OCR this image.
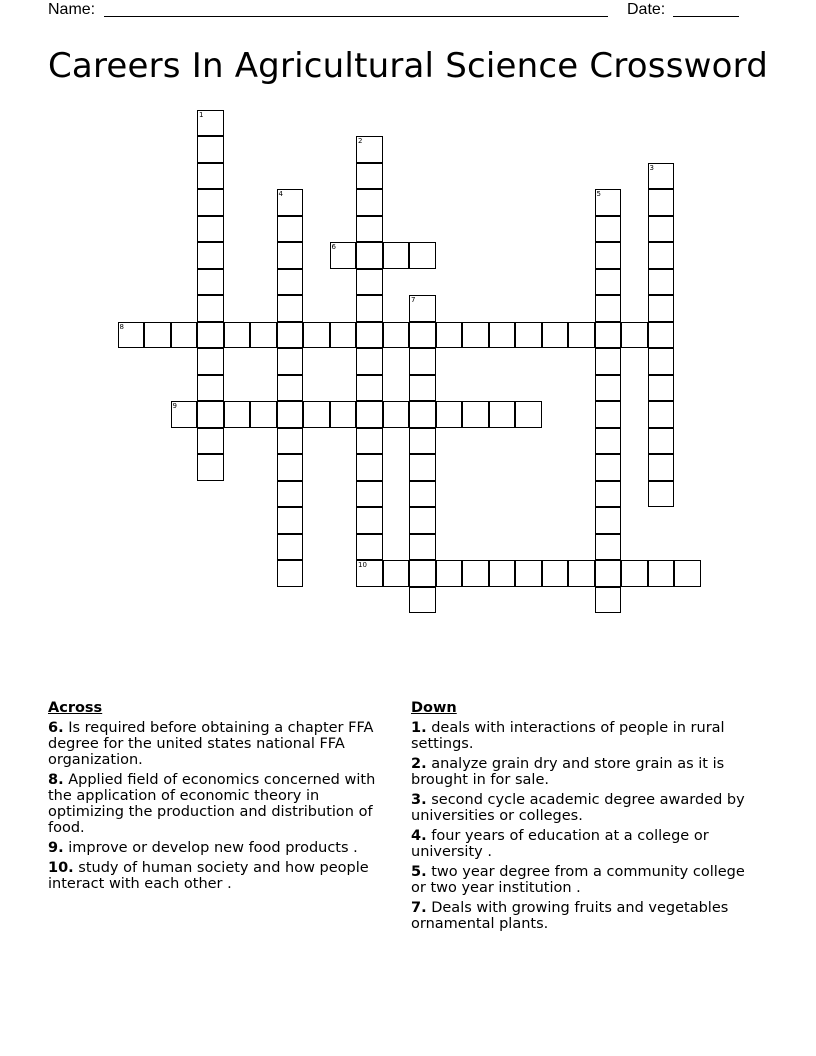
Name:	Date:
Careers In Agricultural Science Crossword
1
2
10
3
4	5
6
7
8
9
Across
6. Is required before obtaining a chapter FFA degree for the united states national FFA organization.
8. Applied field of economics concerned with the application of economic theory in optimizing the production and distribution of food.
9. improve or develop new food products .
10. study of human society and how people interact with each other .
Down
1. deals with interactions of people in rural settings.
2. analyze grain dry and store grain as it is brought in for sale.
3. second cycle academic degree awarded by universities or colleges.
4. four years of education at a college or university .
5. two year degree from a community college or two year institution .
7. Deals with growing fruits and vegetables ornamental plants.
